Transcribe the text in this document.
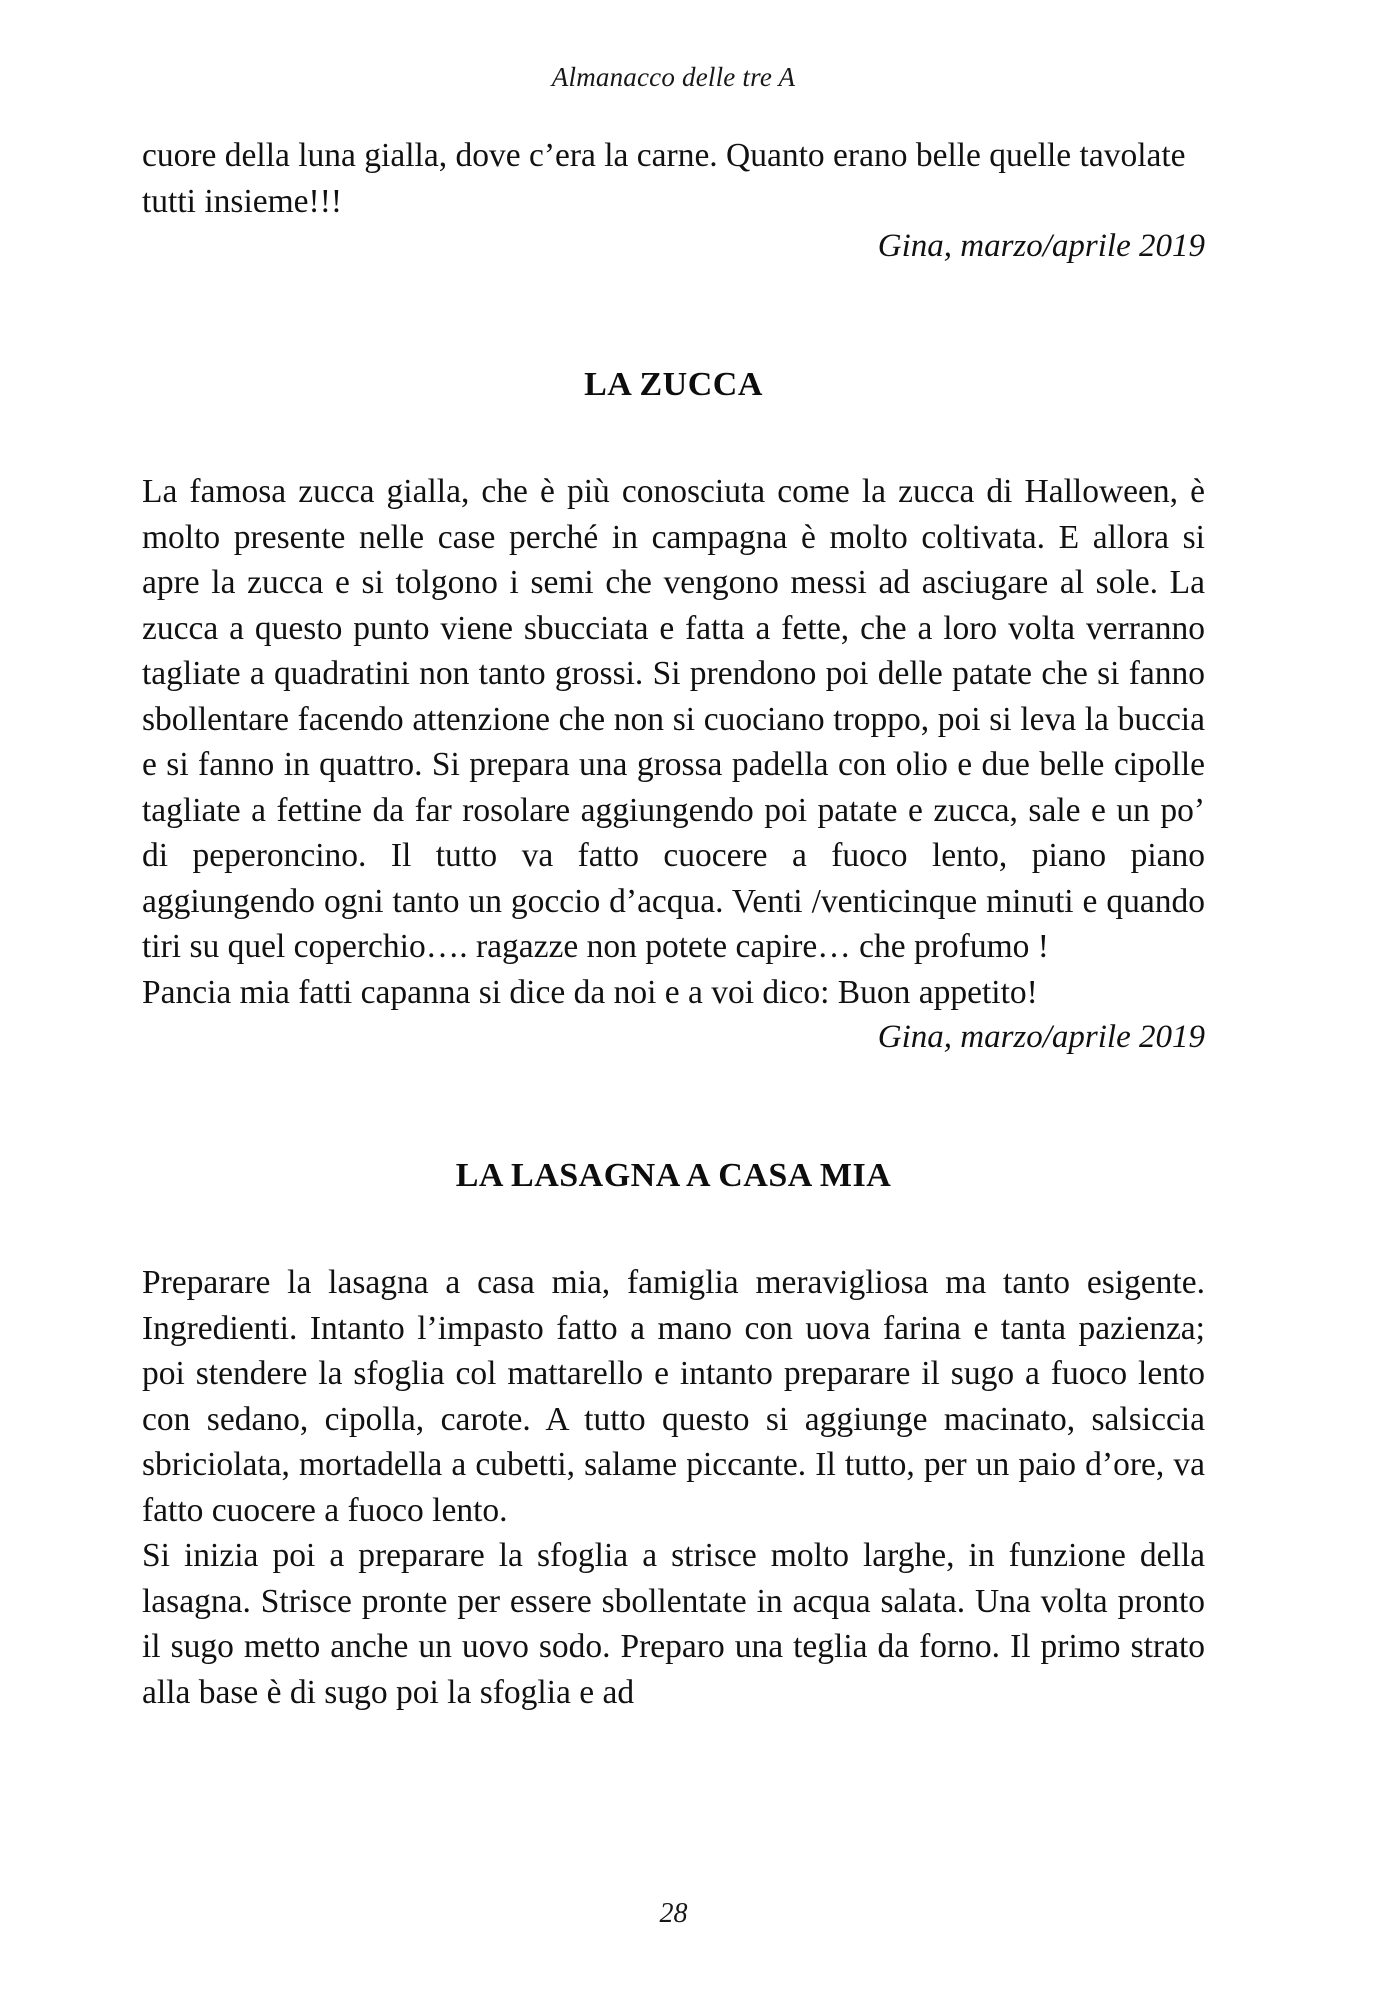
Almanacco delle tre A

cuore della luna gialla, dove c’era la carne. Quanto erano belle quelle tavolate tutti insieme!!!

Gina, marzo/aprile 2019

LA ZUCCA

La famosa zucca gialla, che è più conosciuta come la zucca di Halloween, è molto presente nelle case perché in campagna è molto coltivata. E allora si apre la zucca e si tolgono i semi che vengono messi ad asciugare al sole. La zucca a questo punto viene sbucciata e fatta a fette, che a loro volta verranno tagliate a quadratini non tanto grossi. Si prendono poi delle patate che si fanno sbollentare facendo attenzione che non si cuociano troppo, poi si leva la buccia e si fanno in quattro. Si prepara una grossa padella con olio e due belle cipolle tagliate a fettine da far rosolare aggiungendo poi patate e zucca, sale e un po’ di peperoncino. Il tutto va fatto cuocere a fuoco lento, piano piano aggiungendo ogni tanto un goccio d’acqua. Venti /venticinque minuti e quando tiri su quel coperchio…. ragazze non potete capire… che profumo !

Pancia mia fatti capanna si dice da noi e a voi dico: Buon appetito!

Gina, marzo/aprile 2019

LA LASAGNA A CASA MIA

Preparare la lasagna a casa mia, famiglia meravigliosa ma tanto esigente. Ingredienti. Intanto l’impasto fatto a mano con uova farina e tanta pazienza; poi stendere la sfoglia col mattarello e intanto preparare il sugo a fuoco lento con sedano, cipolla, carote. A tutto questo si aggiunge macinato, salsiccia sbriciolata, mortadella a cubetti, salame piccante. Il tutto, per un paio d’ore, va fatto cuocere a fuoco lento.

Si inizia poi a preparare la sfoglia a strisce molto larghe, in funzione della lasagna. Strisce pronte per essere sbollentate in acqua salata. Una volta pronto il sugo metto anche un uovo sodo. Preparo una teglia da forno. Il primo strato alla base è di sugo poi la sfoglia e ad

28
